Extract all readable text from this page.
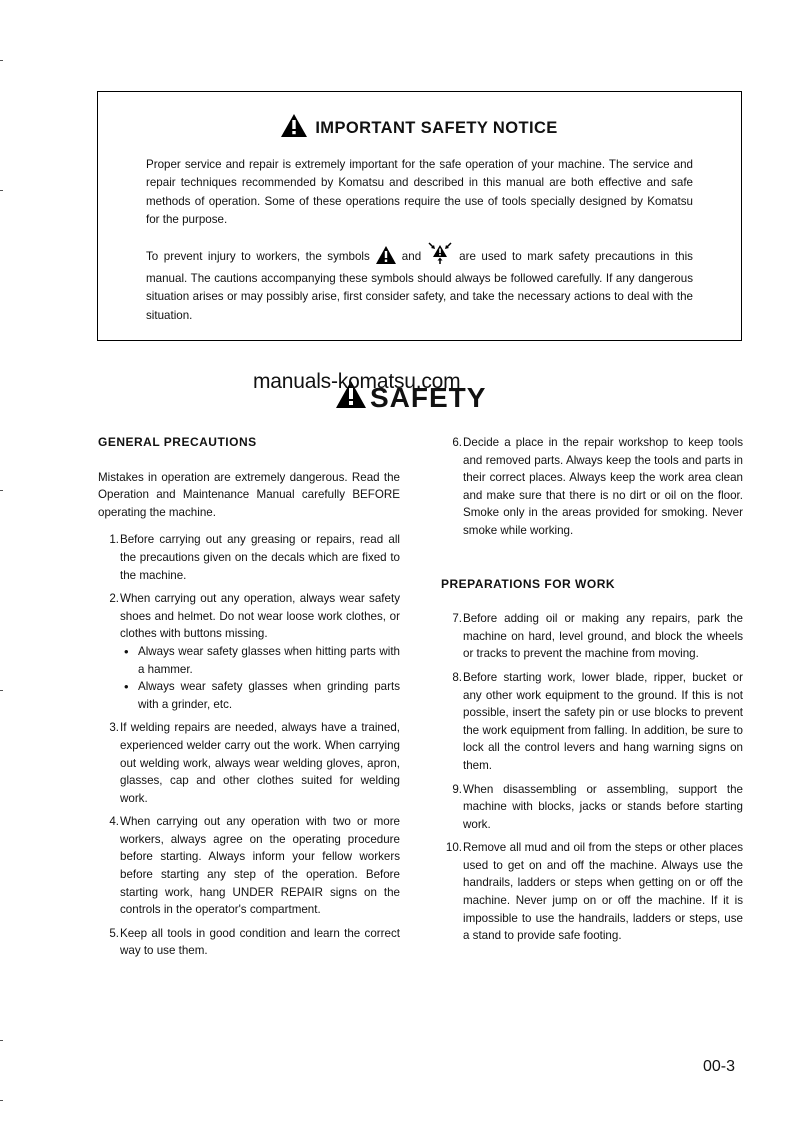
IMPORTANT SAFETY NOTICE

Proper service and repair is extremely important for the safe operation of your machine. The service and repair techniques recommended by Komatsu and described in this manual are both effective and safe methods of operation. Some of these operations require the use of tools specially designed by Komatsu for the purpose.

To prevent injury to workers, the symbols	and	are used to mark safety precautions in this manual. The cautions accompanying these symbols should always be followed carefully. If any dangerous situation arises or may possibly arise, first consider safety, and take the necessary actions to deal with the situation.

manuals-komatsu.com
SAFETY
GENERAL PRECAUTIONS
Mistakes in operation are extremely dangerous. Read the Operation and Maintenance Manual carefully BEFORE operating the machine.
1. Before carrying out any greasing or repairs, read all the precautions given on the decals which are fixed to the machine.
2. When carrying out any operation, always wear safety shoes and helmet. Do not wear loose work clothes, or clothes with buttons missing.
• Always wear safety glasses when hitting parts with a hammer.
• Always wear safety glasses when grinding parts with a grinder, etc.
3. If welding repairs are needed, always have a trained, experienced welder carry out the work. When carrying out welding work, always wear welding gloves, apron, glasses, cap and other clothes suited for welding work.
4. When carrying out any operation with two or more workers, always agree on the operating procedure before starting. Always inform your fellow workers before starting any step of the operation. Before starting work, hang UNDER REPAIR signs on the controls in the operator's compartment.
5. Keep all tools in good condition and learn the correct way to use them.
6. Decide a place in the repair workshop to keep tools and removed parts. Always keep the tools and parts in their correct places. Always keep the work area clean and make sure that there is no dirt or oil on the floor. Smoke only in the areas provided for smoking. Never smoke while working.
PREPARATIONS FOR WORK
7. Before adding oil or making any repairs, park the machine on hard, level ground, and block the wheels or tracks to prevent the machine from moving.
8. Before starting work, lower blade, ripper, bucket or any other work equipment to the ground. If this is not possible, insert the safety pin or use blocks to prevent the work equipment from falling. In addition, be sure to lock all the control levers and hang warning signs on them.
9. When disassembling or assembling, support the machine with blocks, jacks or stands before starting work.
10. Remove all mud and oil from the steps or other places used to get on and off the machine. Always use the handrails, ladders or steps when getting on or off the machine. Never jump on or off the machine. If it is impossible to use the handrails, ladders or steps, use a stand to provide safe footing.
00-3
